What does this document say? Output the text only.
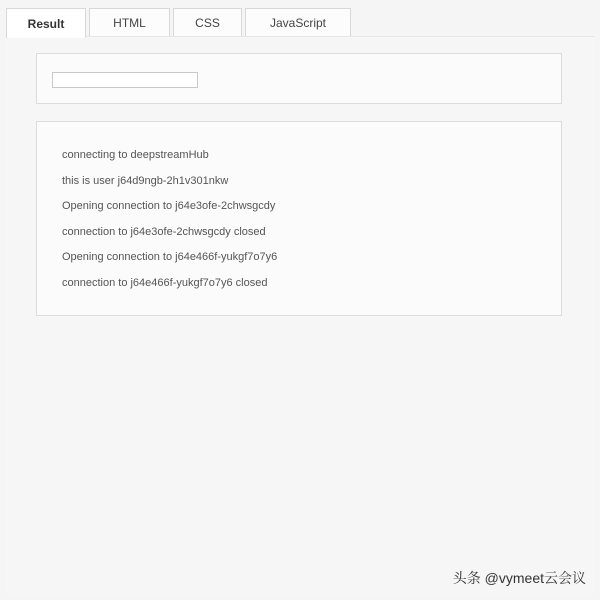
Result	HTML	CSS	JavaScript
connecting to deepstreamHub
this is user j64d9ngb-2h1v301nkw
Opening connection to j64e3ofe-2chwsgcdy
connection to j64e3ofe-2chwsgcdy closed
Opening connection to j64e466f-yukgf7o7y6
connection to j64e466f-yukgf7o7y6 closed
头条 @vymeet云会议
